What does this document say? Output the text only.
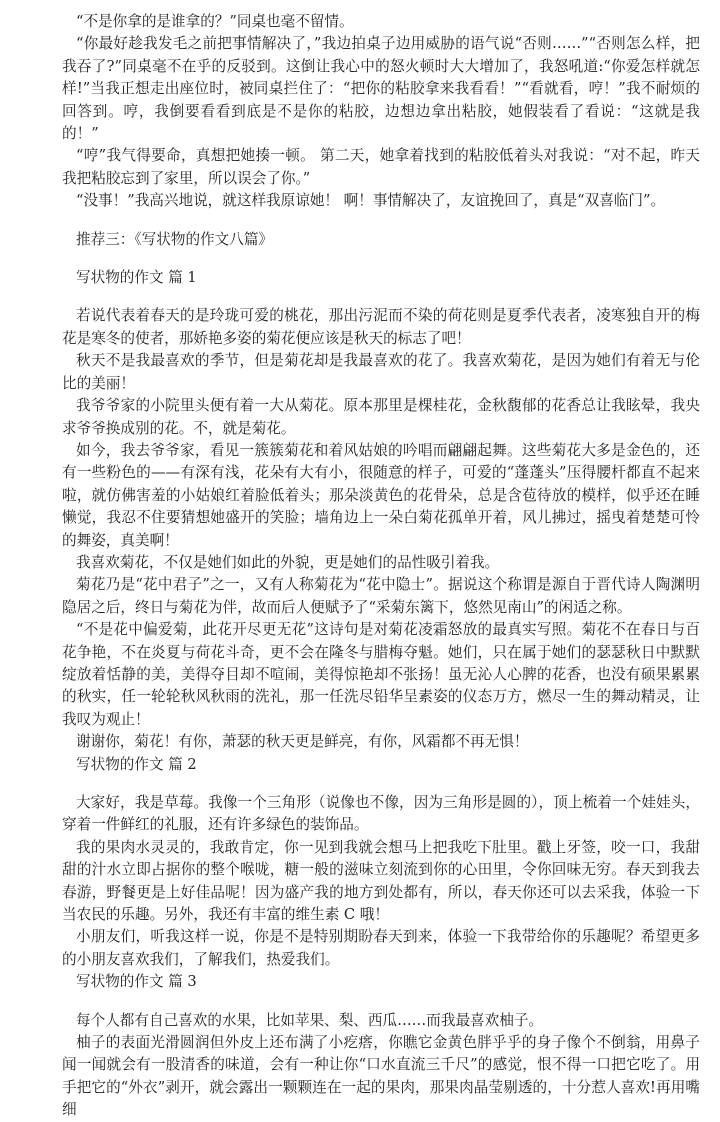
“不是你拿的是谁拿的？”同桌也毫不留情。

“你最好趁我发毛之前把事情解决了，”我边拍桌子边用威胁的语气说“否则……”“否则怎么样，把我吞了?”同桌毫不在乎的反驳到。这倒让我心中的怒火顿时大大增加了，我怒吼道:“你爱怎样就怎样!”当我正想走出座位时，被同桌拦住了：“把你的粘胶拿来我看看！”“看就看，哼！”我不耐烦的回答到。哼，我倒要看看到底是不是你的粘胶，边想边拿出粘胶，她假装看了看说：“这就是我的！”

“哼”我气得要命，真想把她揍一顿。 第二天，她拿着找到的粘胶低着头对我说：“对不起，昨天我把粘胶忘到了家里，所以误会了你。”

“没事！”我高兴地说，就这样我原谅她！ 啊！事情解决了，友谊挽回了，真是“双喜临门”。

推荐三：《写状物的作文八篇》
写状物的作文 篇 1

若说代表着春天的是玲珑可爱的桃花，那出污泥而不染的荷花则是夏季代表者，凌寒独自开的梅花是寒冬的使者，那娇艳多姿的菊花便应该是秋天的标志了吧！

秋天不是我最喜欢的季节，但是菊花却是我最喜欢的花了。我喜欢菊花，是因为她们有着无与伦比的美丽！

我爷爷家的小院里头便有着一大从菊花。原本那里是棵桂花，金秋馥郁的花香总让我眩晕，我央求爷爷换成别的花。不，就是菊花。

如今，我去爷爷家，看见一簇簇菊花和着风姑娘的吟唱而翩翩起舞。这些菊花大多是金色的，还有一些粉色的——有深有浅，花朵有大有小，很随意的样子，可爱的“蓬蓬头”压得腰杆都直不起来啦，就仿佛害羞的小姑娘红着脸低着头；那朵淡黄色的花骨朵，总是含苞待放的模样，似乎还在睡懒觉，我忍不住要猜想她盛开的笑脸；墙角边上一朵白菊花孤单开着，风儿拂过，摇曳着楚楚可怜的舞姿，真美啊！

我喜欢菊花，不仅是她们如此的外貌，更是她们的品性吸引着我。

菊花乃是“花中君子”之一，又有人称菊花为“花中隐士”。据说这个称谓是源自于晋代诗人陶渊明隐居之后，终日与菊花为伴，故而后人便赋予了“采菊东篱下，悠然见南山”的闲适之称。

“不是花中偏爱菊，此花开尽更无花”这诗句是对菊花凌霜怒放的最真实写照。菊花不在春日与百花争艳，不在炎夏与荷花斗奇，更不会在隆冬与腊梅夺魁。她们，只在属于她们的瑟瑟秋日中默默绽放着恬静的美，美得夺目却不喧闹，美得惊艳却不张扬！虽无沁人心脾的花香，也没有硕果累累的秋实，任一轮轮秋风秋雨的洗礼，那一任洗尽铅华呈素姿的仪态万方，燃尽一生的舞动精灵，让我叹为观止！

谢谢你，菊花！有你，萧瑟的秋天更是鲜亮，有你，风霜都不再无惧！

写状物的作文 篇 2

大家好，我是草莓。我像一个三角形（说像也不像，因为三角形是圆的），顶上梳着一个娃娃头，穿着一件鲜红的礼服，还有许多绿色的装饰品。

我的果肉水灵灵的，我敢肯定，你一见到我就会想马上把我吃下肚里。戳上牙签，咬一口，我甜甜的汁水立即占据你的整个喉咙，糖一般的滋味立刻流到你的心田里，令你回味无穷。春天到我去春游，野餐更是上好佳品呢！因为盛产我的地方到处都有，所以，春天你还可以去采我，体验一下当农民的乐趣。另外，我还有丰富的维生素 C 哦！

小朋友们，听我这样一说，你是不是特别期盼春天到来，体验一下我带给你的乐趣呢？希望更多的小朋友喜欢我们，了解我们，热爱我们。

写状物的作文 篇 3

每个人都有自己喜欢的水果，比如苹果、梨、西瓜……而我最喜欢柚子。

柚子的表面光滑圆润但外皮上还布满了小疙瘩，你瞧它金黄色胖乎乎的身子像个不倒翁，用鼻子闻一闻就会有一股清香的味道，会有一种让你“口水直流三千尺”的感觉，恨不得一口把它吃了。用手把它的“外衣”剥开，就会露出一颗颗连在一起的果肉，那果肉晶莹剔透的，十分惹人喜欢!再用嘴细
